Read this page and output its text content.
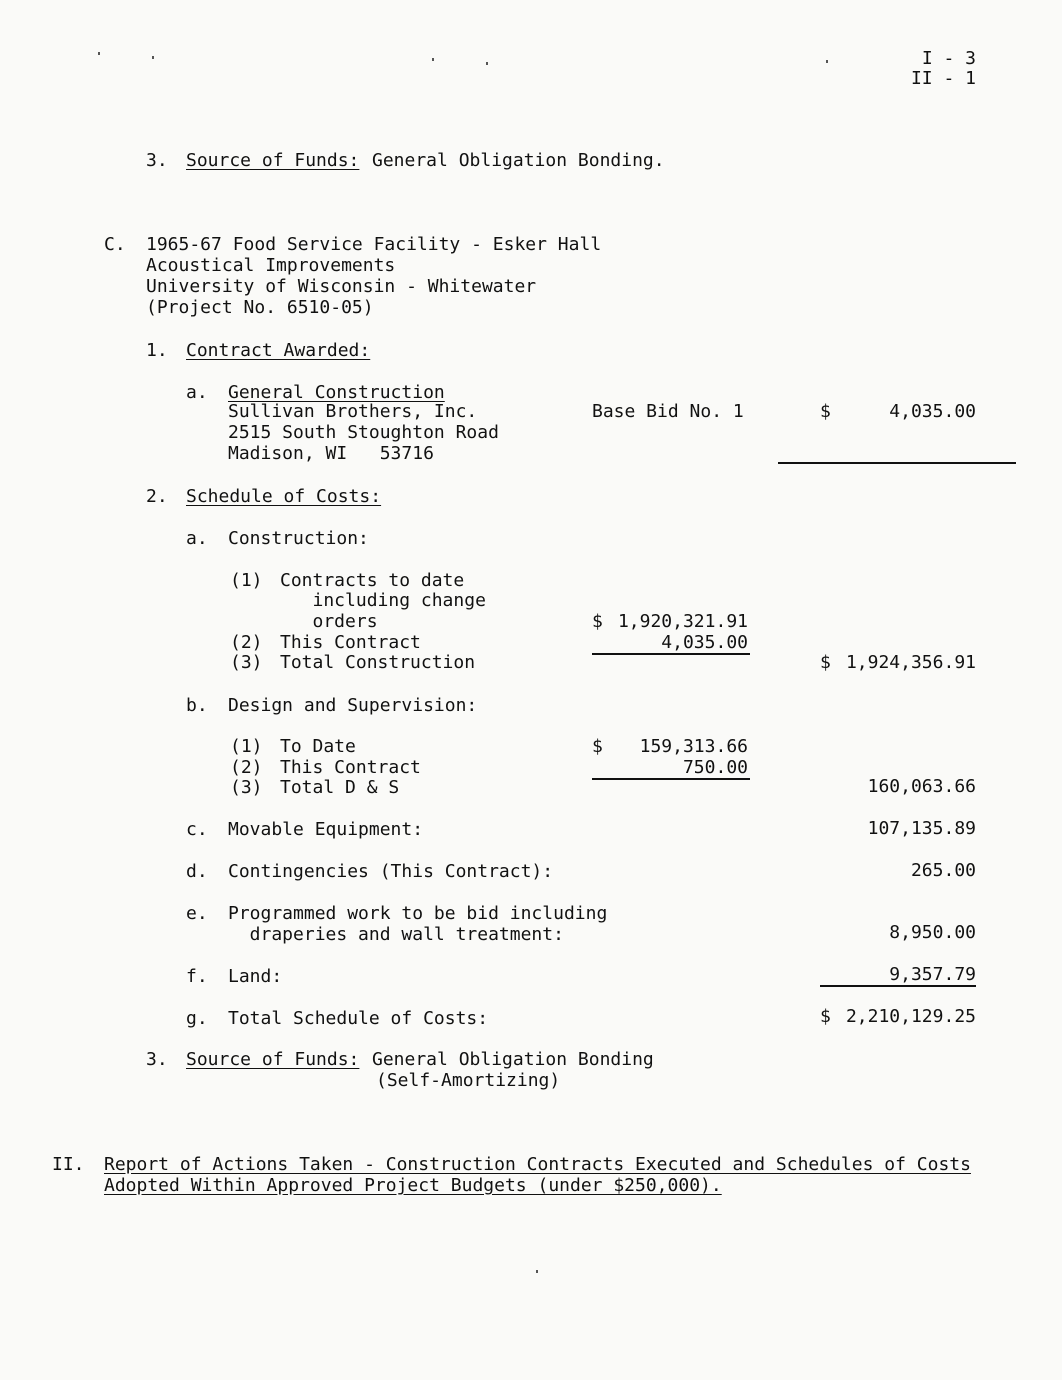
I - 3
II - 1
3. Source of Funds: General Obligation Bonding.
C. 1965-67 Food Service Facility - Esker Hall
Acoustical Improvements
University of Wisconsin - Whitewater
(Project No. 6510-05)
1. Contract Awarded:
a. General Construction
Sullivan Brothers, Inc.
2515 South Stoughton Road
Madison, WI   53716
Base Bid No. 1	$	4,035.00
2. Schedule of Costs:
a. Construction:
(1) Contracts to date
including change
orders	$ 1,920,321.91
(2) This Contract	4,035.00
(3) Total Construction	$ 1,924,356.91
b. Design and Supervision:
(1) To Date	$ 159,313.66
(2) This Contract	750.00
(3) Total D & S	160,063.66
c. Movable Equipment:	107,135.89
d. Contingencies (This Contract):	265.00
e. Programmed work to be bid including
draperies and wall treatment:	8,950.00
f. Land:	9,357.79
g. Total Schedule of Costs:	$ 2,210,129.25
3. Source of Funds: General Obligation Bonding
(Self-Amortizing)
II. Report of Actions Taken - Construction Contracts Executed and Schedules of Costs
Adopted Within Approved Project Budgets (under $250,000).
